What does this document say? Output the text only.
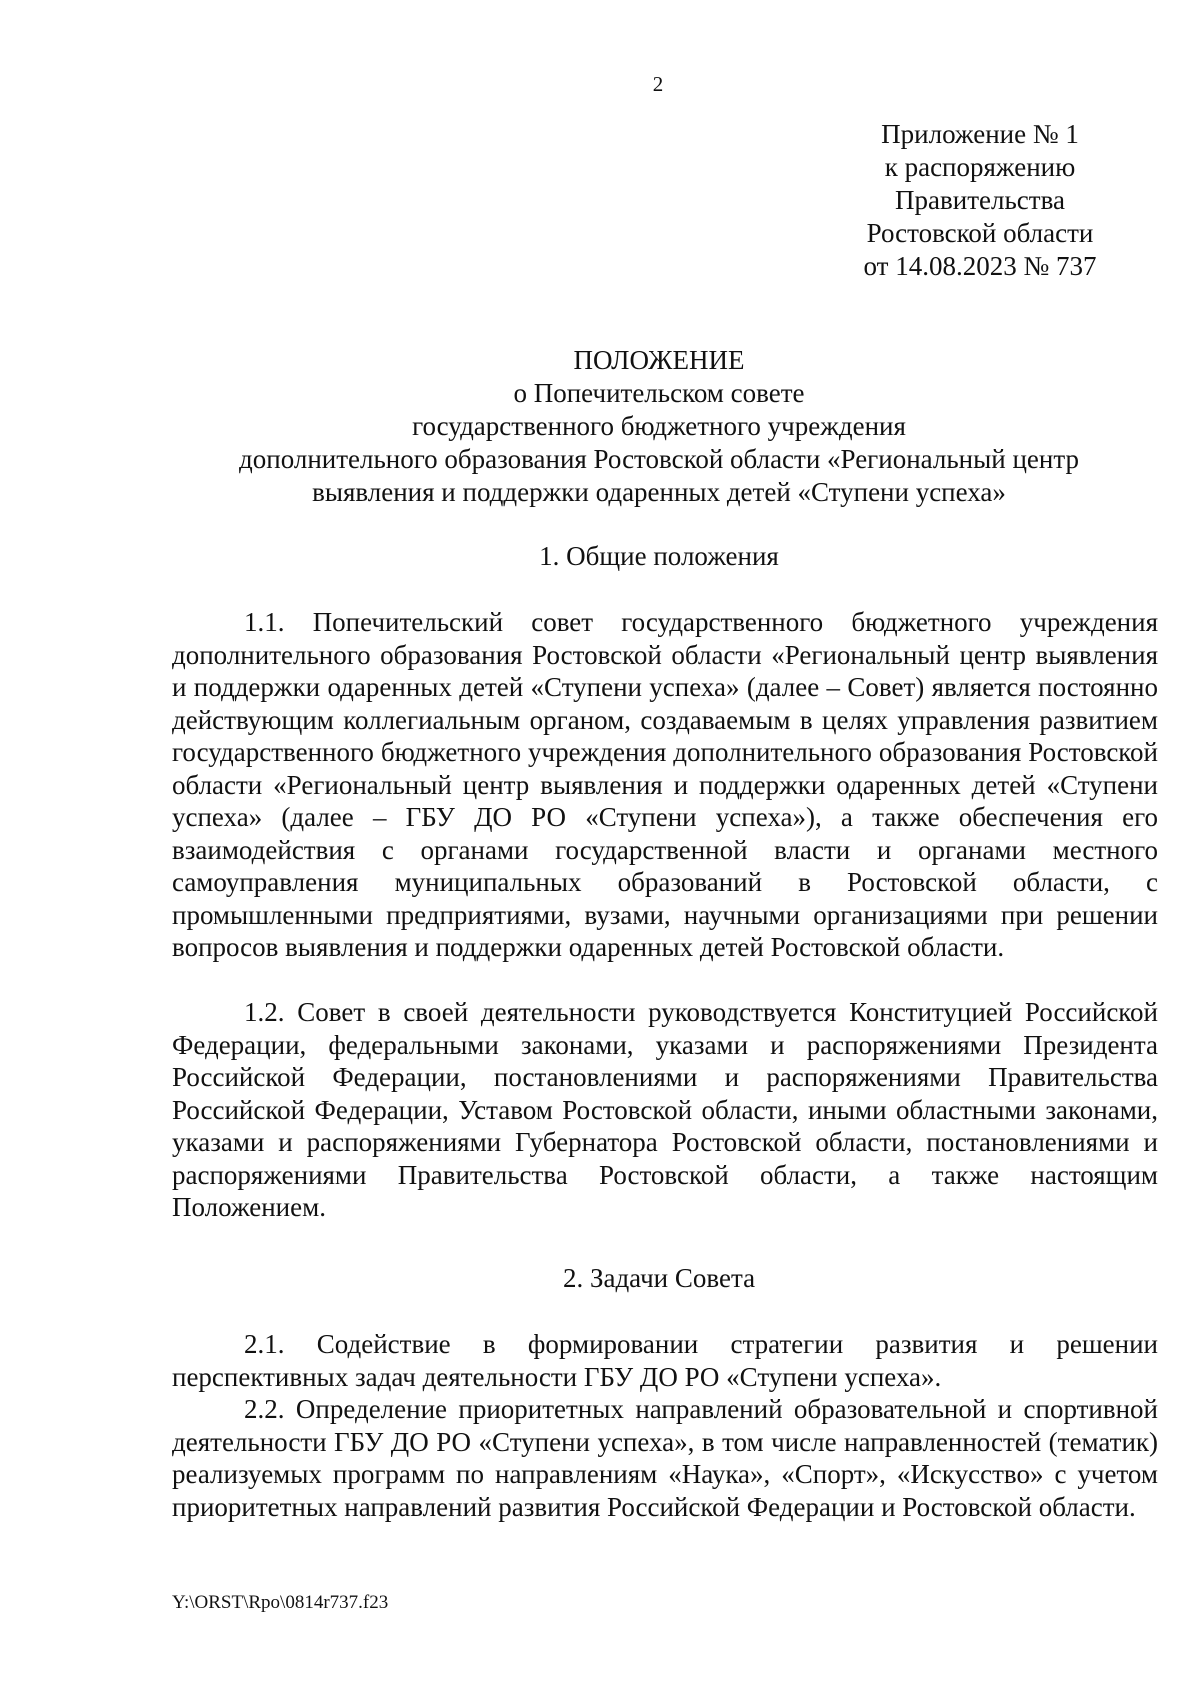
2
Приложение № 1
к распоряжению
Правительства
Ростовской области
от 14.08.2023 № 737
ПОЛОЖЕНИЕ
о Попечительском совете
государственного бюджетного учреждения
дополнительного образования Ростовской области «Региональный центр
выявления и поддержки одаренных детей «Ступени успеха»
1. Общие положения

1.1. Попечительский совет государственного бюджетного учреждения дополнительного образования Ростовской области «Региональный центр выявления и поддержки одаренных детей «Ступени успеха» (далее – Совет) является постоянно действующим коллегиальным органом, создаваемым в целях управления развитием государственного бюджетного учреждения дополнительного образования Ростовской области «Региональный центр выявления и поддержки одаренных детей «Ступени успеха» (далее – ГБУ ДО РО «Ступени успеха»), а также обеспечения его взаимодействия с органами государственной власти и органами местного самоуправления муниципальных образований в Ростовской области, с промышленными предприятиями, вузами, научными организациями при решении вопросов выявления и поддержки одаренных детей Ростовской области.

1.2. Совет в своей деятельности руководствуется Конституцией Российской Федерации, федеральными законами, указами и распоряжениями Президента Российской Федерации, постановлениями и распоряжениями Правительства Российской Федерации, Уставом Ростовской области, иными областными законами, указами и распоряжениями Губернатора Ростовской области, постановлениями и распоряжениями Правительства Ростовской области, а также настоящим Положением.

2. Задачи Совета

2.1. Содействие в формировании стратегии развития и решении перспективных задач деятельности ГБУ ДО РО «Ступени успеха».

2.2. Определение приоритетных направлений образовательной и спортивной деятельности ГБУ ДО РО «Ступени успеха», в том числе направленностей (тематик) реализуемых программ по направлениям «Наука», «Спорт», «Искусство» с учетом приоритетных направлений развития Российской Федерации и Ростовской области.

Y:\ORST\Rpo\0814r737.f23
